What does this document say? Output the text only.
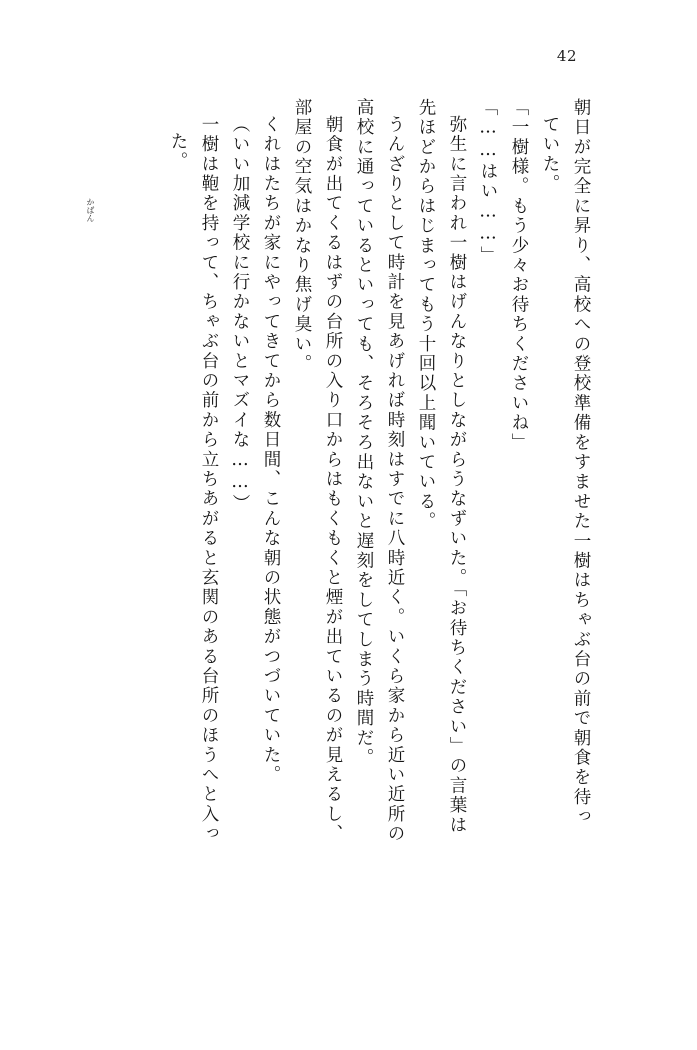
42
朝日が完全に昇り、高校への登校準備をすませた一樹はちゃぶ台の前で朝食を待っ
ていた。
「一樹様。もう少々お待ちくださいね」
「……はい……」
弥生に言われ一樹はげんなりとしながらうなずいた。「お待ちください」の言葉は
先ほどからはじまってもう十回以上聞いている。
うんざりとして時計を見あげれば時刻はすでに八時近く。いくら家から近い近所の
高校に通っているといっても、そろそろ出ないと遅刻をしてしまう時間だ。
朝食が出てくるはずの台所の入り口からはもくもくと煙が出ているのが見えるし、
部屋の空気はかなり焦げ臭い。
くれはたちが家にやってきてから数日間、こんな朝の状態がつづいていた。
（いい加減学校に行かないとマズイな……）
一樹は鞄を持って、ちゃぶ台の前から立ちあがると玄関のある台所のほうへと入っ
た。
かばん
